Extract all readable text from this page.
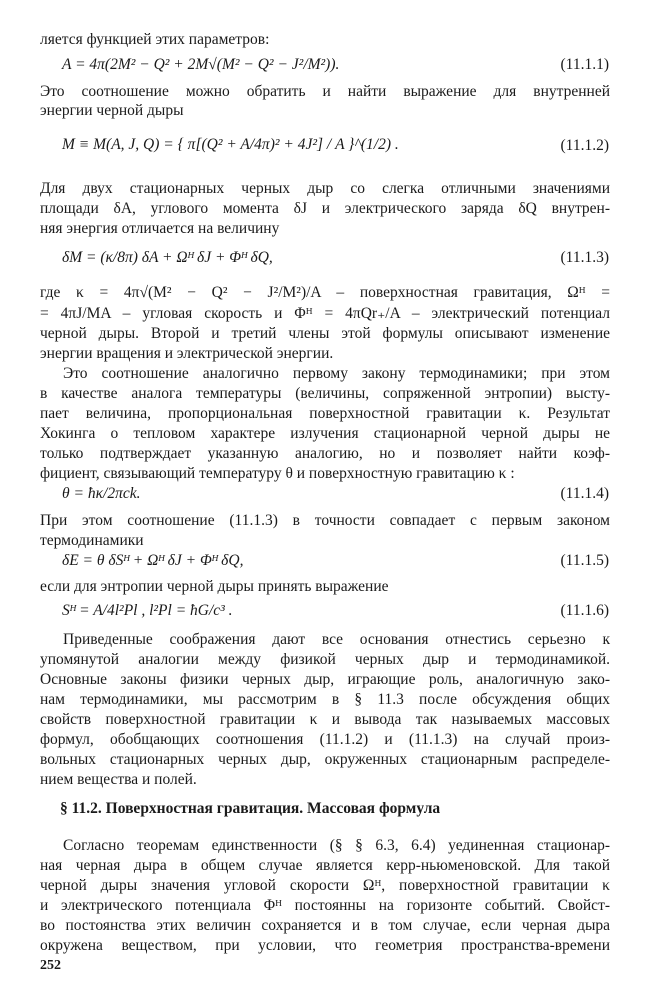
ляется функцией этих параметров:
A = 4π(2M² − Q² + 2M√(M² − Q² − J²/M²)).	(11.1.1)
Это соотношение можно обратить и найти выражение для внутренней
энергии черной дыры
M ≡ M(A, J, Q) = { π[(Q² + A/4π)² + 4J²] / A }^(1/2) .	(11.1.2)
Для двух стационарных черных дыр со слегка отличными значениями
площади δA, углового момента δJ и электрического заряда δQ внутрен-
няя энергия отличается на величину
δM = (κ/8π) δA + Ωᴴ δJ + Φᴴ δQ,	(11.1.3)
где κ = 4π√(M² − Q² − J²/M²)/A – поверхностная гравитация, Ωᴴ =
= 4πJ/MA – угловая скорость и Φᴴ = 4πQr₊/A – электрический потенциал
черной дыры. Второй и третий члены этой формулы описывают изменение
энергии вращения и электрической энергии.
Это соотношение аналогично первому закону термодинамики; при этом
в качестве аналога температуры (величины, сопряженной энтропии) высту-
пает величина, пропорциональная поверхностной гравитации κ. Результат
Хокинга о тепловом характере излучения стационарной черной дыры не
только подтверждает указанную аналогию, но и позволяет найти коэф-
фициент, связывающий температуру θ и поверхностную гравитацию κ :
θ = ħκ/2πck.	(11.1.4)
При этом соотношение (11.1.3) в точности совпадает с первым законом
термодинамики
δE = θ δSᴴ + Ωᴴ δJ + Φᴴ δQ,	(11.1.5)
если для энтропии черной дыры принять выражение
Sᴴ = A/4l²Pl , l²Pl = ħG/c³ .	(11.1.6)
Приведенные соображения дают все основания отнестись серьезно к
упомянутой аналогии между физикой черных дыр и термодинамикой.
Основные законы физики черных дыр, играющие роль, аналогичную зако-
нам термодинамики, мы рассмотрим в § 11.3 после обсуждения общих
свойств поверхностной гравитации κ и вывода так называемых массовых
формул, обобщающих соотношения (11.1.2) и (11.1.3) на случай произ-
вольных стационарных черных дыр, окруженных стационарным распределе-
нием вещества и полей.
§ 11.2. Поверхностная гравитация. Массовая формула
Согласно теоремам единственности (§ § 6.3, 6.4) уединенная стационар-
ная черная дыра в общем случае является керр-ньюменовской. Для такой
черной дыры значения угловой скорости Ωᴴ, поверхностной гравитации κ
и электрического потенциала Φᴴ постоянны на горизонте событий. Свойст-
во постоянства этих величин сохраняется и в том случае, если черная дыра
окружена веществом, при условии, что геометрия пространства-времени
252
